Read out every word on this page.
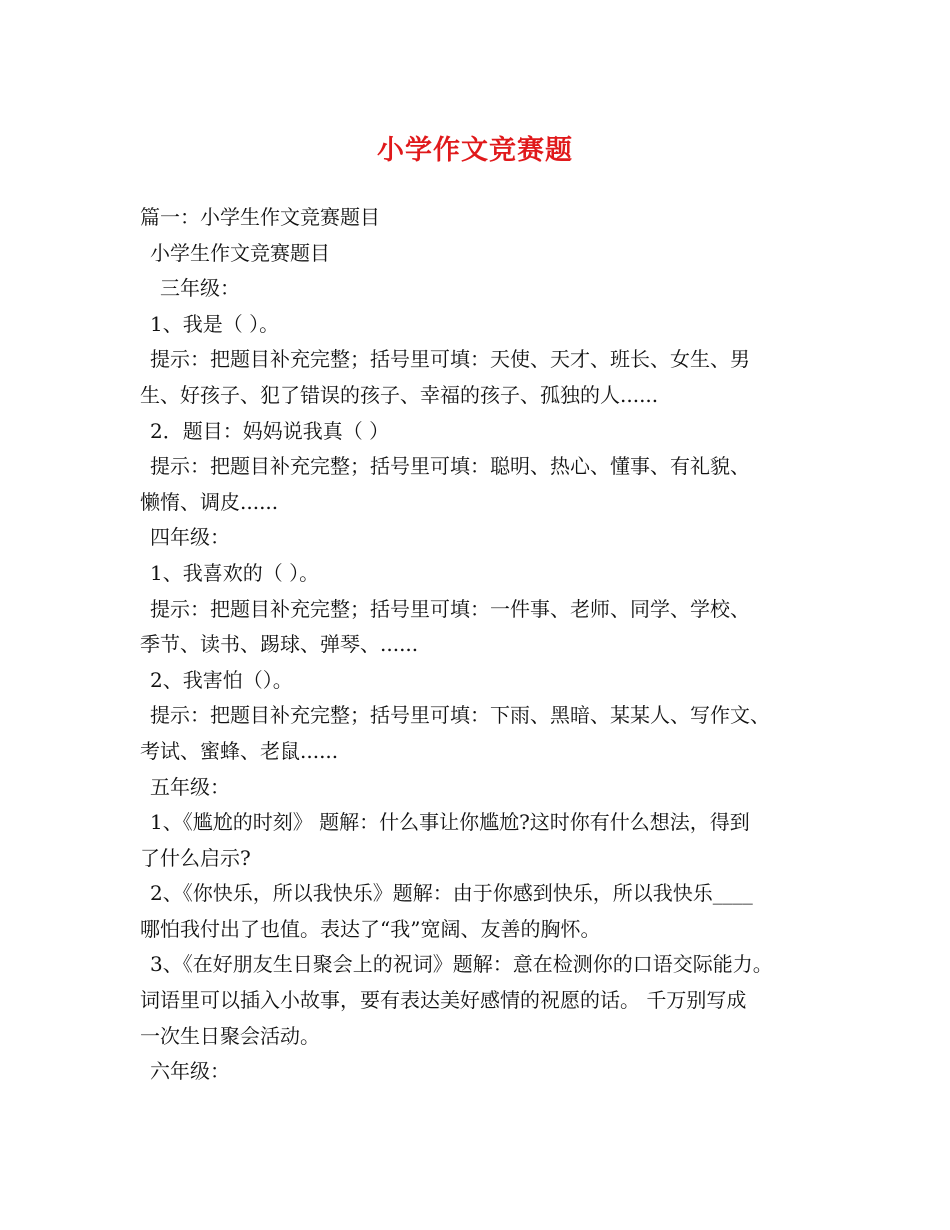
小学作文竞赛题
篇一：小学生作文竞赛题目
小学生作文竞赛题目
三年级：
1、我是（ ）。
提示：把题目补充完整；括号里可填：天使、天才、班长、女生、男
生、好孩子、犯了错误的孩子、幸福的孩子、孤独的人......
2．题目：妈妈说我真（ ）
提示：把题目补充完整；括号里可填：聪明、热心、懂事、有礼貌、
懒惰、调皮......
四年级：
1、我喜欢的（ ）。
提示：把题目补充完整；括号里可填：一件事、老师、同学、学校、
季节、读书、踢球、弹琴、......
2、我害怕（）。
提示：把题目补充完整；括号里可填：下雨、黑暗、某某人、写作文、
考试、蜜蜂、老鼠......
五年级：
1、《尴尬的时刻》 题解：什么事让你尴尬?这时你有什么想法，得到
了什么启示?
2、《你快乐，所以我快乐》题解：由于你感到快乐，所以我快乐____
哪怕我付出了也值。表达了“我”宽阔、友善的胸怀。
3、《在好朋友生日聚会上的祝词》题解：意在检测你的口语交际能力。
词语里可以插入小故事，要有表达美好感情的祝愿的话。 千万别写成
一次生日聚会活动。
六年级：
